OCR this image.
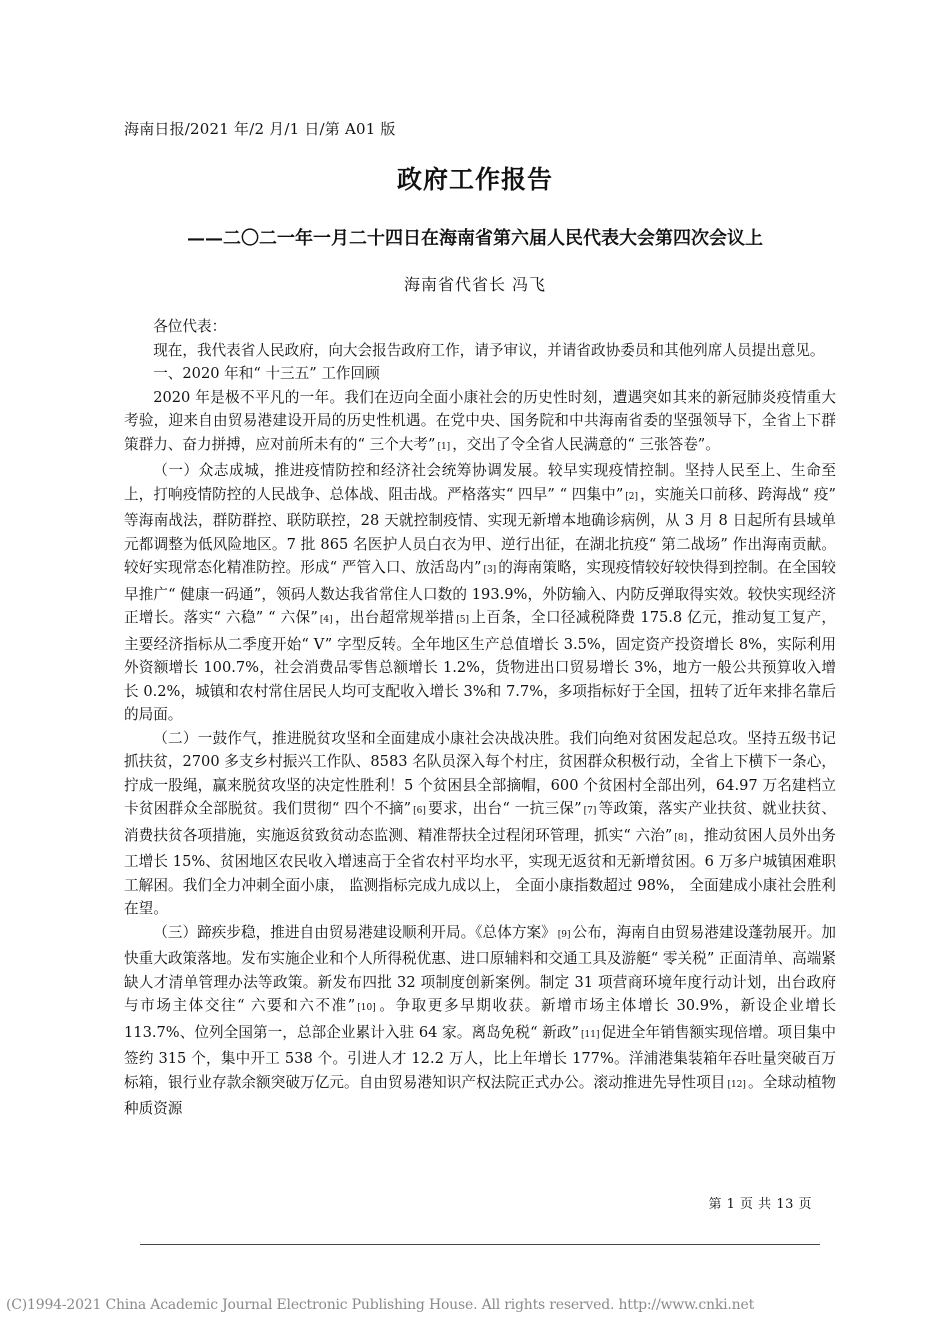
海南日报/2021 年/2 月/1 日/第 A01 版
政府工作报告
——二〇二一年一月二十四日在海南省第六届人民代表大会第四次会议上
海南省代省长 冯飞

各位代表：

现在，我代表省人民政府，向大会报告政府工作，请予审议，并请省政协委员和其他列席人员提出意见。

一、2020 年和“ 十三五” 工作回顾

2020 年是极不平凡的一年。我们在迈向全面小康社会的历史性时刻，遭遇突如其来的新冠肺炎疫情重大考验，迎来自由贸易港建设开局的历史性机遇。在党中央、国务院和中共海南省委的坚强领导下，全省上下群策群力、奋力拼搏，应对前所未有的“ 三个大考” [1] ，交出了令全省人民满意的“ 三张答卷”。

（一）众志成城，推进疫情防控和经济社会统筹协调发展。较早实现疫情控制。坚持人民至上、生命至上，打响疫情防控的人民战争、总体战、阻击战。严格落实“ 四早” “ 四集中” [2] ，实施关口前移、跨海战“ 疫” 等海南战法，群防群控、联防联控，28 天就控制疫情、实现无新增本地确诊病例，从 3 月 8 日起所有县域单元都调整为低风险地区。7 批 865 名医护人员白衣为甲、逆行出征，在湖北抗疫“ 第二战场” 作出海南贡献。较好实现常态化精准防控。形成“ 严管入口、放活岛内” [3] 的海南策略，实现疫情较好较快得到控制。在全国较早推广“ 健康一码通”，领码人数达我省常住人口数的 193.9%，外防输入、内防反弹取得实效。较快实现经济正增长。落实“ 六稳” “ 六保” [4] ，出台超常规举措 [5] 上百条，全口径减税降费 175.8 亿元，推动复工复产，主要经济指标从二季度开始“ V” 字型反转。全年地区生产总值增长 3.5%，固定资产投资增长 8%，实际利用外资额增长 100.7%，社会消费品零售总额增长 1.2%，货物进出口贸易增长 3%，地方一般公共预算收入增长 0.2%，城镇和农村常住居民人均可支配收入增长 3%和 7.7%，多项指标好于全国，扭转了近年来排名靠后的局面。

（二）一鼓作气，推进脱贫攻坚和全面建成小康社会决战决胜。我们向绝对贫困发起总攻。坚持五级书记抓扶贫，2700 多支乡村振兴工作队、8583 名队员深入每个村庄，贫困群众积极行动，全省上下横下一条心，拧成一股绳，赢来脱贫攻坚的决定性胜利！5 个贫困县全部摘帽，600 个贫困村全部出列，64.97 万名建档立卡贫困群众全部脱贫。我们贯彻“ 四个不摘” [6] 要求，出台“ 一抗三保” [7] 等政策，落实产业扶贫、就业扶贫、消费扶贫各项措施，实施返贫致贫动态监测、精准帮扶全过程闭环管理，抓实“ 六治” [8] ，推动贫困人员外出务工增长 15%、贫困地区农民收入增速高于全省农村平均水平，实现无返贫和无新增贫困。6 万多户城镇困难职工解困。我们全力冲刺全面小康， 监测指标完成九成以上， 全面小康指数超过 98%， 全面建成小康社会胜利在望。

（三）蹄疾步稳，推进自由贸易港建设顺利开局。《总体方案》 [9] 公布，海南自由贸易港建设蓬勃展开。加快重大政策落地。发布实施企业和个人所得税优惠、进口原辅料和交通工具及游艇“ 零关税” 正面清单、高端紧缺人才清单管理办法等政策。新发布四批 32 项制度创新案例。制定 31 项营商环境年度行动计划，出台政府与市场主体交往“ 六要和六不准” [10] 。争取更多早期收获。新增市场主体增长 30.9%，新设企业增长 113.7%、位列全国第一，总部企业累计入驻 64 家。离岛免税“ 新政” [11] 促进全年销售额实现倍增。项目集中签约 315 个，集中开工 538 个。引进人才 12.2 万人，比上年增长 177%。洋浦港集装箱年吞吐量突破百万标箱，银行业存款余额突破万亿元。自由贸易港知识产权法院正式办公。滚动推进先导性项目 [12] 。全球动植物种质资源

第 1 页 共 13 页
(C)1994-2021 China Academic Journal Electronic Publishing House. All rights reserved. http://www.cnki.net
